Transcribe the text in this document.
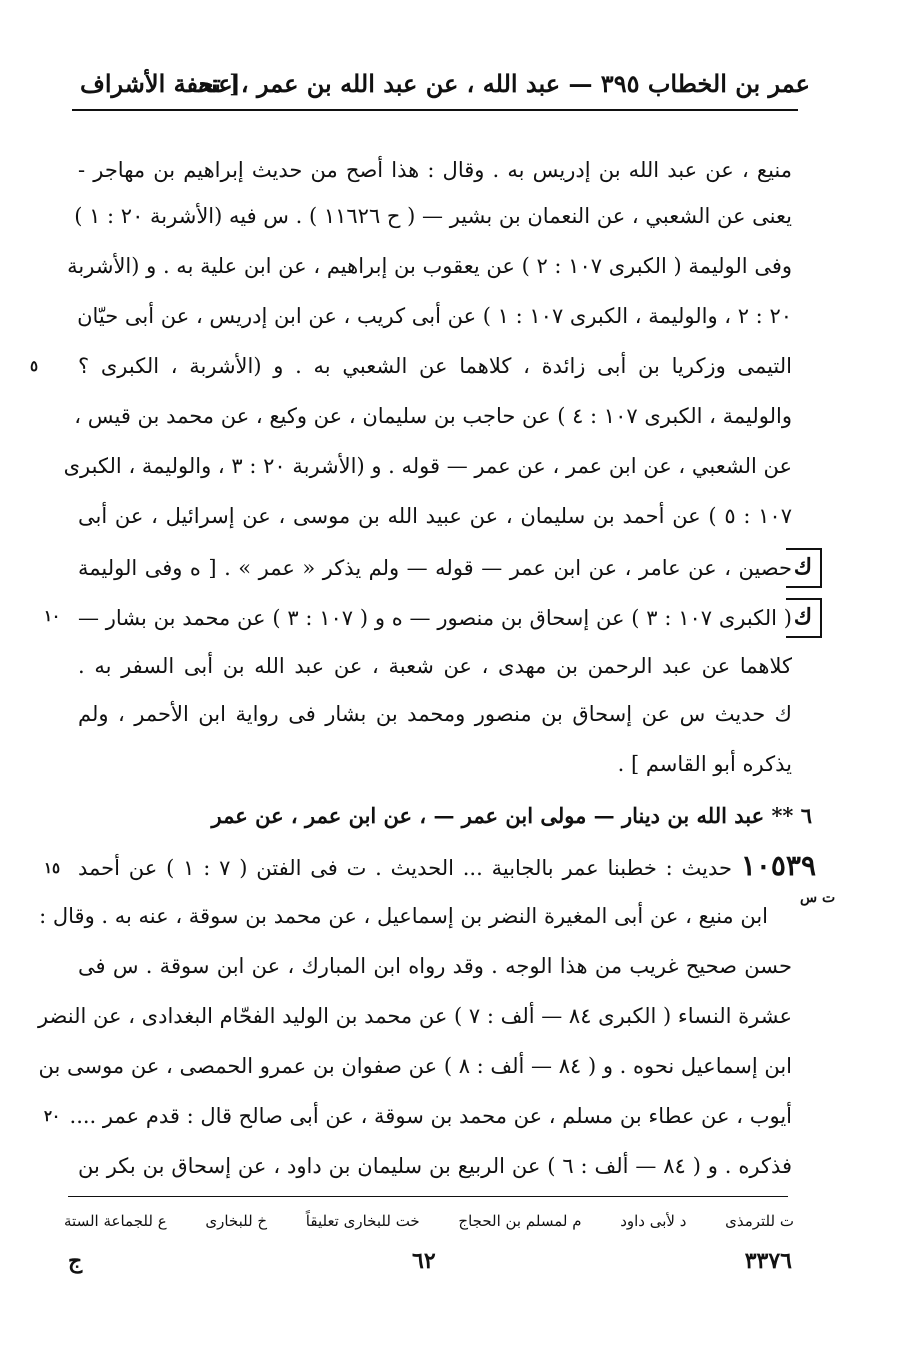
عمر بن الخطاب ٣٩٥ — عبد الله ، عن عبد الله بن عمر ، عنه
[ تحفة الأشراف
منيع ، عن عبد الله بن إدريس به . وقال : هذا أصح من حديث إبراهيم بن مهاجر -
يعنى عن الشعبي ، عن النعمان بن بشير — ( ح ١١٦٢٦ ) . س فيه (الأشربة ٢٠ : ١ )
وفى الوليمة ( الكبرى ١٠٧ : ٢ ) عن يعقوب بن إبراهيم ، عن ابن علية به . و (الأشربة
٢٠ : ٢ ، والوليمة ، الكبرى ١٠٧ : ١ ) عن أبى كريب ، عن ابن إدريس ، عن أبى حيّان
التيمى وزكريا بن أبى زائدة ، كلاهما عن الشعبي به . و (الأشربة ، الكبرى ؟
والوليمة ، الكبرى ١٠٧ : ٤ ) عن حاجب بن سليمان ، عن وكيع ، عن محمد بن قيس ،
عن الشعبي ، عن ابن عمر ، عن عمر — قوله . و (الأشربة ٢٠ : ٣ ، والوليمة ، الكبرى
١٠٧ : ٥ ) عن أحمد بن سليمان ، عن عبيد الله بن موسى ، عن إسرائيل ، عن أبى
حصين ، عن عامر ، عن ابن عمر — قوله — ولم يذكر « عمر » . [ ه وفى الوليمة
( الكبرى ١٠٧ : ٣ ) عن إسحاق بن منصور — ه و ( ١٠٧ : ٣ ) عن محمد بن بشار —
كلاهما عن عبد الرحمن بن مهدى ، عن شعبة ، عن عبد الله بن أبى السفر به .
ك حديث س عن إسحاق بن منصور ومحمد بن بشار فى رواية ابن الأحمر ، ولم
يذكره أبو القاسم ] .
ك
ك
٥
١٠
١٥
٢٠
٦ ** عبد الله بن دينار — مولى ابن عمر — ، عن ابن عمر ، عن عمر
١٠٥٣٩ حديث : خطبنا عمر بالجابية ... الحديث . ت فى الفتن ( ٧ : ١ ) عن أحمد
ت س
ابن منيع ، عن أبى المغيرة النضر بن إسماعيل ، عن محمد بن سوقة ، عنه به . وقال :
حسن صحيح غريب من هذا الوجه . وقد رواه ابن المبارك ، عن ابن سوقة . س فى
عشرة النساء ( الكبرى ٨٤ — ألف : ٧ ) عن محمد بن الوليد الفحّام البغدادى ، عن النضر
ابن إسماعيل نحوه . و ( ٨٤ — ألف : ٨ ) عن صفوان بن عمرو الحمصى ، عن موسى بن
أيوب ، عن عطاء بن مسلم ، عن محمد بن سوقة ، عن أبى صالح قال : قدم عمر ....
فذكره . و ( ٨٤ — ألف : ٦ ) عن الربيع بن سليمان بن داود ، عن إسحاق بن بكر بن
ع للجماعة الستة	خ للبخارى	خت للبخارى تعليقاً	م لمسلم بن الحجاج	د لأبى داود	ت للترمذى
٣٣٧٦
٦٢
ج
